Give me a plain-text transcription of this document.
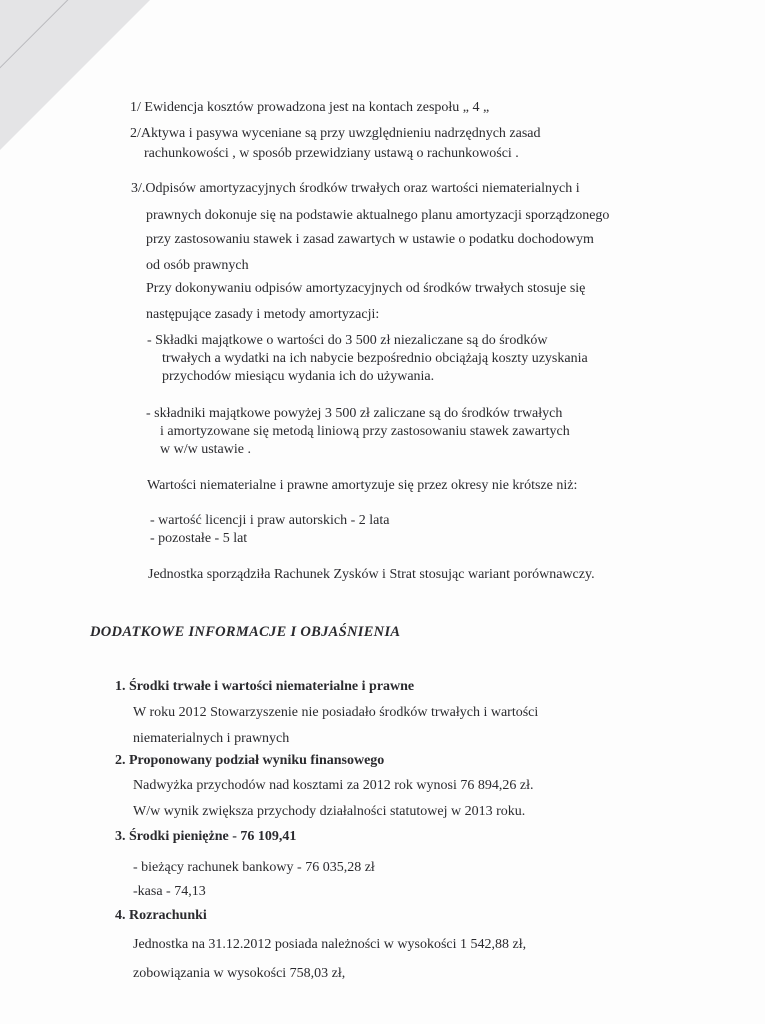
1/ Ewidencja kosztów prowadzona jest na kontach zespołu „ 4 „
2/Aktywa i pasywa wyceniane są przy uwzględnieniu nadrzędnych zasad
rachunkowości , w sposób przewidziany ustawą o rachunkowości .
3/.Odpisów amortyzacyjnych środków trwałych oraz wartości niematerialnych i
prawnych dokonuje się na podstawie aktualnego planu amortyzacji sporządzonego
przy zastosowaniu stawek i zasad zawartych w ustawie o podatku dochodowym
od osób prawnych
Przy dokonywaniu odpisów amortyzacyjnych od środków trwałych stosuje się
następujące zasady i metody amortyzacji:
- Składki majątkowe o wartości do 3 500 zł niezaliczane są do środków
trwałych a wydatki na ich nabycie bezpośrednio obciążają koszty uzyskania
przychodów miesiącu wydania ich do używania.
- składniki majątkowe powyżej 3 500 zł zaliczane są do środków trwałych
i amortyzowane się metodą liniową przy zastosowaniu stawek zawartych
w w/w ustawie .
Wartości niematerialne i prawne amortyzuje się przez okresy nie krótsze niż:
- wartość licencji i praw autorskich - 2 lata
- pozostałe - 5 lat
Jednostka sporządziła Rachunek Zysków i Strat stosując wariant porównawczy.
DODATKOWE INFORMACJE I OBJAŚNIENIA
1. Środki trwałe i wartości niematerialne i prawne
W roku 2012 Stowarzyszenie nie posiadało środków trwałych i wartości
niematerialnych i prawnych
2. Proponowany podział wyniku finansowego
Nadwyżka przychodów nad kosztami za 2012 rok wynosi 76 894,26 zł.
W/w wynik zwiększa przychody działalności statutowej w 2013 roku.
3. Środki pieniężne - 76 109,41
- bieżący rachunek bankowy - 76 035,28 zł
-kasa - 74,13
4. Rozrachunki
Jednostka na 31.12.2012 posiada należności w wysokości 1 542,88 zł,
zobowiązania w wysokości 758,03 zł,
